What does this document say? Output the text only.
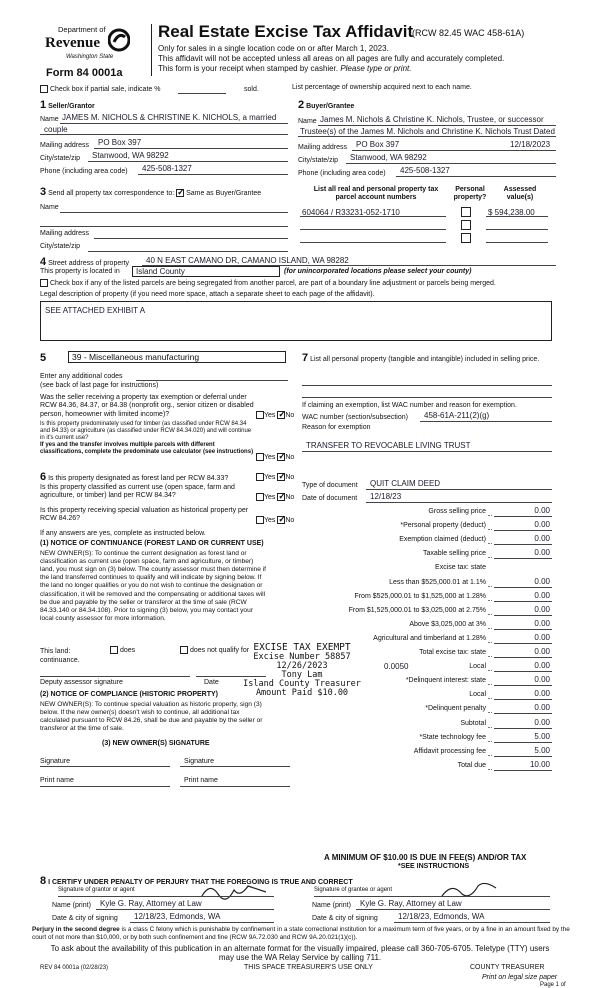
Department of
Revenue
Washington State
Form 84 0001a
Real Estate Excise Tax Affidavit
(RCW 82.45 WAC 458-61A)
Only for sales in a single location code on or after March 1, 2023.
This affidavit will not be accepted unless all areas on all pages are fully and accurately completed.
This form is your receipt when stamped by cashier. Please type or print.
Check box if partial sale, indicate %	sold.	List percentage of ownership acquired next to each name.
1 Seller/Grantor
Name JAMES M. NICHOLS & CHRISTINE K. NICHOLS, a married
couple
Mailing address PO Box 397
City/state/zip Stanwood, WA 98292
Phone (including area code) 425-508-1327
2 Buyer/Grantee
Name James M. Nichols & Christine K. Nichols, Trustee, or successor
Trustee(s) of the James M. Nichols and Christine K. Nichols Trust Dated
Mailing address PO Box 397	12/18/2023
City/state/zip Stanwood, WA 98292
Phone (including area code) 425-508-1327
3 Send all property tax correspondence to: ✓ Same as Buyer/Grantee
Name
Mailing address
City/state/zip
List all real and personal property tax parcel account numbers
Personal property?
Assessed value(s)
604064 / R33231-052-1710	$ 594,238.00
4 Street address of property 40 N EAST CAMANO DR, CAMANO ISLAND, WA 98282
This property is located in Island County	(for unincorporated locations please select your county)
Check box if any of the listed parcels are being segregated from another parcel, are part of a boundary line adjustment or parcels being merged.
Legal description of property (if you need more space, attach a separate sheet to each page of the affidavit).
SEE ATTACHED EXHIBIT A
5	39 - Miscellaneous manufacturing
Enter any additional codes
(see back of last page for instructions)
Was the seller receiving a property tax exemption or deferral under RCW 84.36, 84.37, or 84.38 (nonprofit org., senior citizen or disabled person, homeowner with limited income)?	Yes ✓ No
Is this property predominately used for timber (as classified under RCW 84.34 and 84.33) or agriculture (as classified under RCW 84.34.020) and will continue in it's current use?
If yes and the transfer involves multiple parcels with different classifications, complete the predominate use calculator (see instructions)
Yes ✓ No
6 Is this property designated as forest land per RCW 84.33?	Yes ✓ No
Is this property classified as current use (open space, farm and agriculture, or timber) land per RCW 84.34?	Yes ✓ No
Is this property receiving special valuation as historical property per RCW 84.26?	Yes ✓ No
If any answers are yes, complete as instructed below.
(1) NOTICE OF CONTINUANCE (FOREST LAND OR CURRENT USE)
NEW OWNER(S): To continue the current designation as forest land or classification as current use (open space, farm and agriculture, or timber) land, you must sign on (3) below. The county assessor must then determine if the land transferred continues to qualify and will indicate by signing below. If the land no longer qualifies or you do not wish to continue the designation or classification, it will be removed and the compensating or additional taxes will be due and payable by the seller or transferor at the time of sale (RCW 84.33.140 or 84.34.108). Prior to signing (3) below, you may contact your local county assessor for more information.
This land:	does	does not qualify for
continuance.
Deputy assessor signature	Date
(2) NOTICE OF COMPLIANCE (HISTORIC PROPERTY)
NEW OWNER(S): To continue special valuation as historic property, sign (3) below. If the new owner(s) doesn't wish to continue, all additional tax calculated pursuant to RCW 84.26, shall be due and payable by the seller or transferor at the time of sale.
(3) NEW OWNER(S) SIGNATURE
Signature	Signature
Print name	Print name
EXCISE TAX EXEMPT
Excise Number 58857
12/26/2023
Tony Lam
Island County Treasurer
Amount Paid $10.00
7 List all personal property (tangible and intangible) included in selling price.
If claiming an exemption, list WAC number and reason for exemption.
WAC number (section/subsection) 458-61A-211(2)(g)
Reason for exemption
TRANSFER TO REVOCABLE LIVING TRUST
Type of document QUIT CLAIM DEED
Date of document 12/18/23
Gross selling price	0.00
*Personal property (deduct)	0.00
Exemption claimed (deduct)	0.00
Taxable selling price	0.00
Excise tax: state
Less than $525,000.01 at 1.1%	0.00
From $525,000.01 to $1,525,000 at 1.28%	0.00
From $1,525,000.01 to $3,025,000 at 2.75%	0.00
Above $3,025,000 at 3%	0.00
Agricultural and timberland at 1.28%	0.00
Total excise tax: state	0.00
Local	0.00
*Delinquent interest: state	0.00
Local	0.00
*Delinquent penalty	0.00
Subtotal	0.00
*State technology fee	5.00
Affidavit processing fee	5.00
Total due	10.00
0.0050
A MINIMUM OF $10.00 IS DUE IN FEE(S) AND/OR TAX
*SEE INSTRUCTIONS
8 I CERTIFY UNDER PENALTY OF PERJURY THAT THE FOREGOING IS TRUE AND CORRECT
Signature of grantor or agent
Name (print) Kyle G. Ray, Attorney at Law
Date & city of signing 12/18/23, Edmonds, WA
Signature of grantee or agent
Name (print) Kyle G. Ray, Attorney at Law
Date & city of signing	12/18/23, Edmonds, WA
Perjury in the second degree is a class C felony which is punishable by confinement in a state correctional institution for a maximum term of five years, or by a fine in an amount fixed by the court of not more than $10,000, or by both such confinement and fine (RCW 9A.72.030 and RCW 9A.20.021(1)(c)).
To ask about the availability of this publication in an alternate format for the visually impaired, please call 360-705-6705. Teletype (TTY) users may use the WA Relay Service by calling 711.
REV 84 0001a (02/28/23)	THIS SPACE TREASURER'S USE ONLY	COUNTY TREASURER
Print on legal size paper
Page 1 of
